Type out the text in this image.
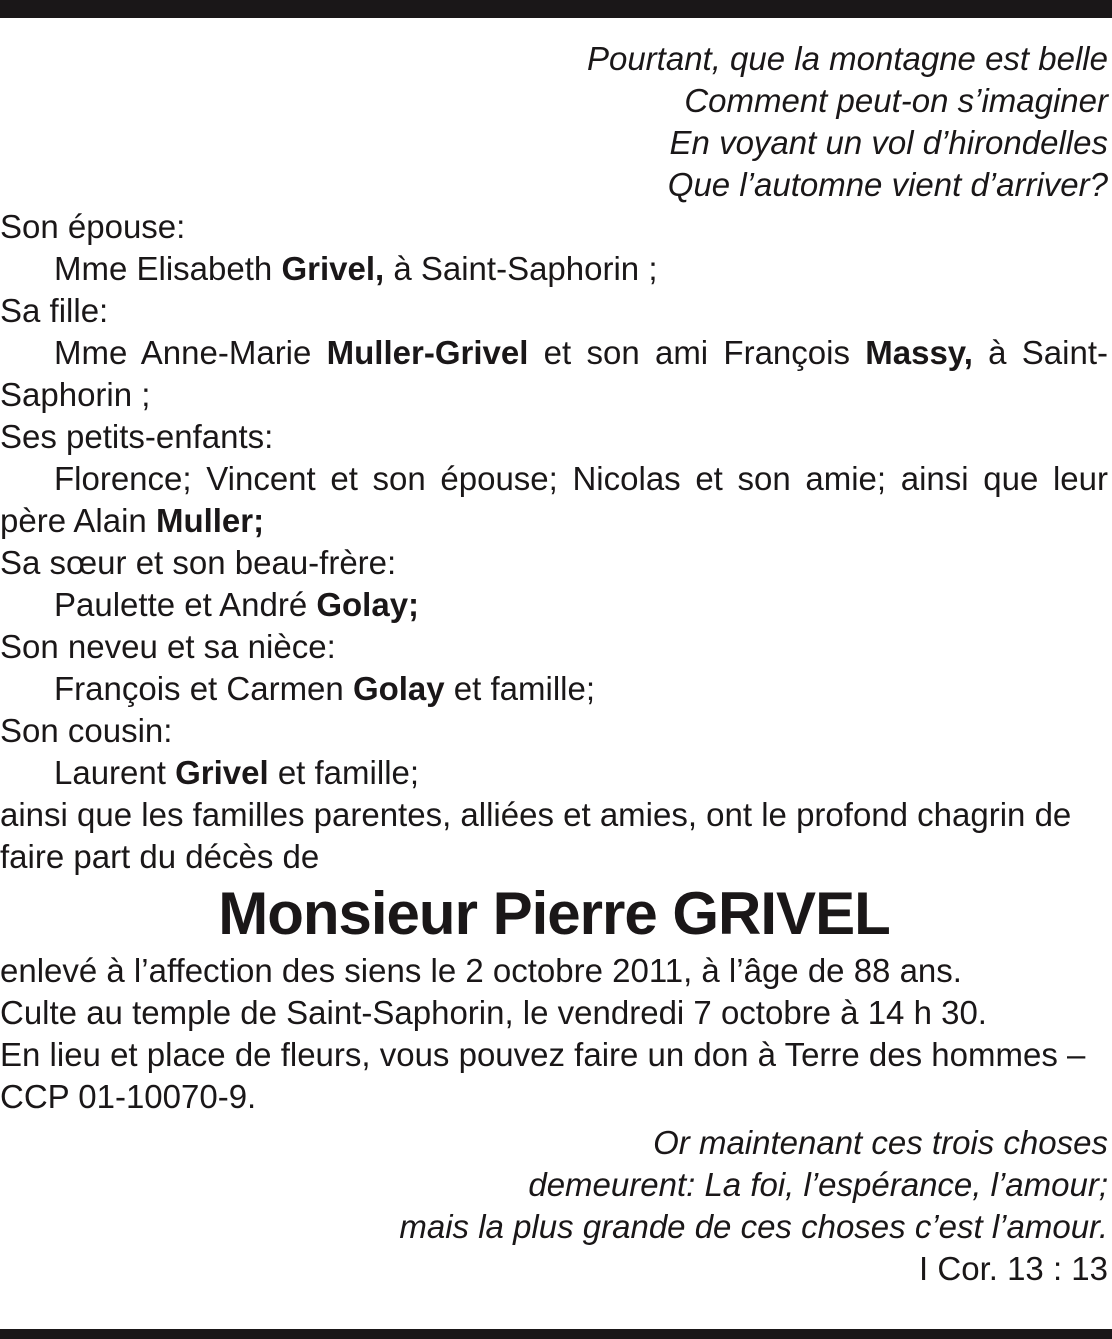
Pourtant, que la montagne est belle

Comment peut-on s’imaginer

En voyant un vol d’hirondelles

Que l’automne vient d’arriver?

Son épouse:

Mme Elisabeth Grivel, à Saint-Saphorin ;

Sa fille:

Mme Anne-Marie Muller-Grivel et son ami François Massy, à Saint-Saphorin ;

Ses petits-enfants:

Florence; Vincent et son épouse; Nicolas et son amie; ainsi que leur père Alain Muller;

Sa sœur et son beau-frère:

Paulette et André Golay;

Son neveu et sa nièce:

François et Carmen Golay et famille;

Son cousin:

Laurent Grivel et famille;

ainsi que les familles parentes, alliées et amies, ont le profond chagrin de faire part du décès de

Monsieur Pierre GRIVEL

enlevé à l’affection des siens le 2 octobre 2011, à l’âge de 88 ans.

Culte au temple de Saint-Saphorin, le vendredi 7 octobre à 14 h 30.

En lieu et place de fleurs, vous pouvez faire un don à Terre des hommes – CCP 01-10070-9.

Or maintenant ces trois choses

demeurent: La foi, l’espérance, l’amour;

mais la plus grande de ces choses c’est l’amour.

I Cor. 13 : 13
